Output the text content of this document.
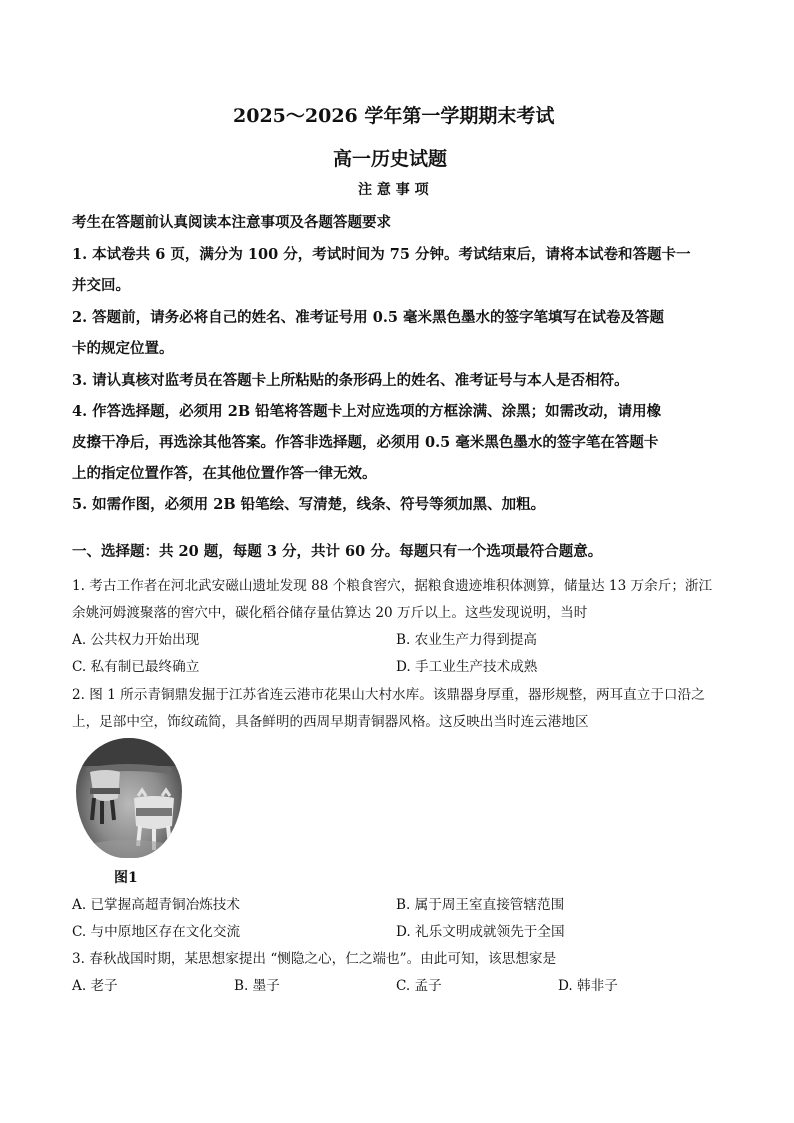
2025～2026 学年第一学期期末考试
高一历史试题
注 意 事 项
考生在答题前认真阅读本注意事项及各题答题要求
1. 本试卷共 6 页，满分为 100 分，考试时间为 75 分钟。考试结束后，请将本试卷和答题卡一
并交回。
2. 答题前，请务必将自己的姓名、准考证号用 0.5 毫米黑色墨水的签字笔填写在试卷及答题
卡的规定位置。
3. 请认真核对监考员在答题卡上所粘贴的条形码上的姓名、准考证号与本人是否相符。
4. 作答选择题，必须用 2B 铅笔将答题卡上对应选项的方框涂满、涂黑；如需改动，请用橡
皮擦干净后，再选涂其他答案。作答非选择题，必须用 0.5 毫米黑色墨水的签字笔在答题卡
上的指定位置作答，在其他位置作答一律无效。
5. 如需作图，必须用 2B 铅笔绘、写清楚，线条、符号等须加黑、加粗。
一、选择题：共 20 题，每题 3 分，共计 60 分。每题只有一个选项最符合题意。
1. 考古工作者在河北武安磁山遗址发现 88 个粮食窖穴，据粮食遗迹堆积体测算，储量达 13 万余斤；浙江
余姚河姆渡聚落的窖穴中，碳化稻谷储存量估算达 20 万斤以上。这些发现说明，当时
A. 公共权力开始出现	B. 农业生产力得到提高
C. 私有制已最终确立	D. 手工业生产技术成熟
2. 图 1 所示青铜鼎发掘于江苏省连云港市花果山大村水库。该鼎器身厚重，器形规整，两耳直立于口沿之
上，足部中空，饰纹疏简，具备鲜明的西周早期青铜器风格。这反映出当时连云港地区
图1
A. 已掌握高超青铜冶炼技术	B. 属于周王室直接管辖范围
C. 与中原地区存在文化交流	D. 礼乐文明成就领先于全国
3. 春秋战国时期，某思想家提出 “恻隐之心，仁之端也”。由此可知，该思想家是
A. 老子	B. 墨子	C. 孟子	D. 韩非子
